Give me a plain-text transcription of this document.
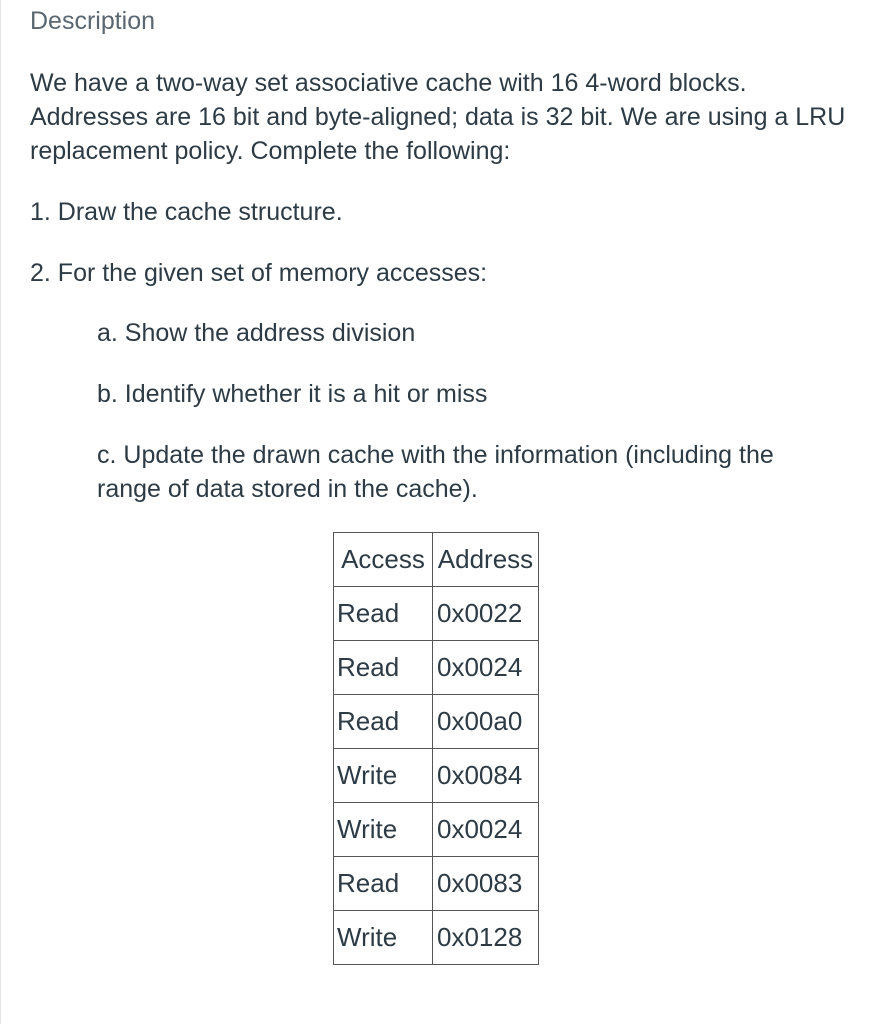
Description
We have a two-way set associative cache with 16 4-word blocks. Addresses are 16 bit and byte-aligned; data is 32 bit. We are using a LRU replacement policy. Complete the following:
1. Draw the cache structure.
2. For the given set of memory accesses:
a. Show the address division
b. Identify whether it is a hit or miss
c. Update the drawn cache with the information (including the range of data stored in the cache).
Access	Address
Read	0x0022
Read	0x0024
Read	0x00a0
Write	0x0084
Write	0x0024
Read	0x0083
Write	0x0128
